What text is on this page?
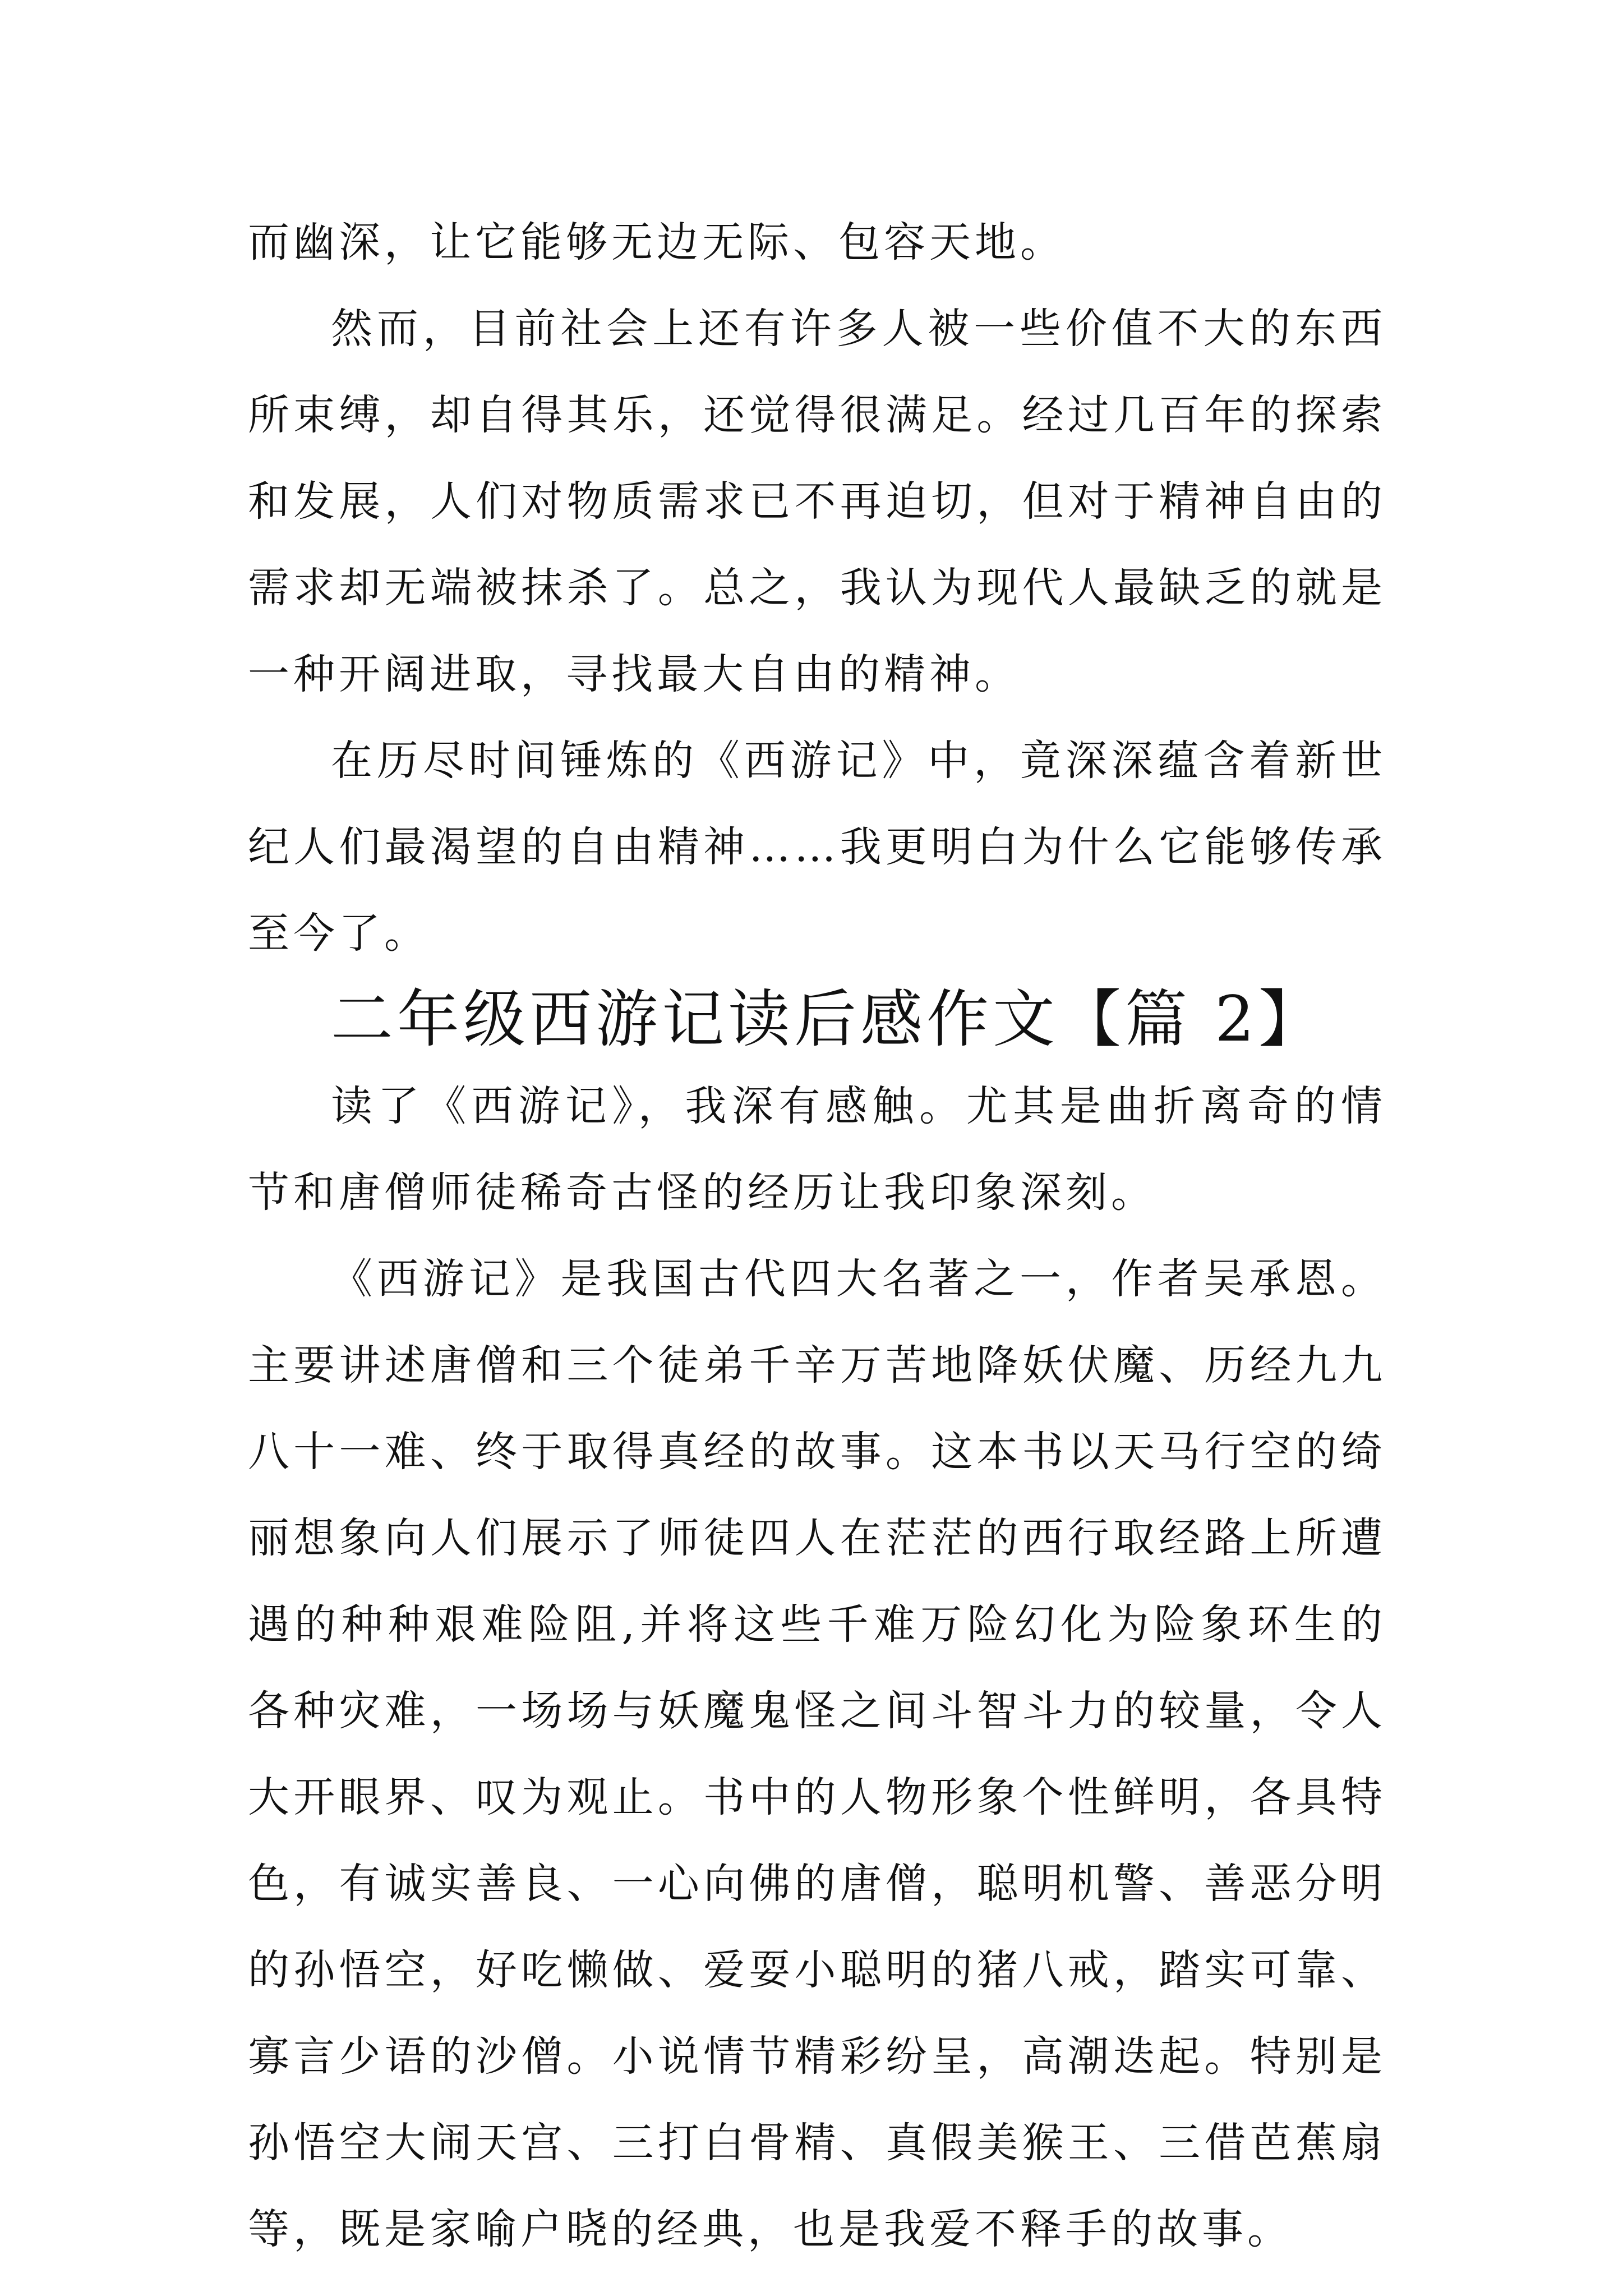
而幽深，让它能够无边无际、包容天地。

然而，目前社会上还有许多人被一些价值不大的东西所束缚，却自得其乐，还觉得很满足。经过几百年的探索和发展，人们对物质需求已不再迫切，但对于精神自由的需求却无端被抹杀了。总之，我认为现代人最缺乏的就是一种开阔进取，寻找最大自由的精神。

在历尽时间锤炼的《西游记》中，竟深深蕴含着新世纪人们最渴望的自由精神……我更明白为什么它能够传承至今了。

二年级西游记读后感作文【篇 2】

读了《西游记》，我深有感触。尤其是曲折离奇的情节和唐僧师徒稀奇古怪的经历让我印象深刻。

《西游记》是我国古代四大名著之一，作者吴承恩。主要讲述唐僧和三个徒弟千辛万苦地降妖伏魔、历经九九八十一难、终于取得真经的故事。这本书以天马行空的绮丽想象向人们展示了师徒四人在茫茫的西行取经路上所遭遇的种种艰难险阻,并将这些千难万险幻化为险象环生的各种灾难，一场场与妖魔鬼怪之间斗智斗力的较量，令人大开眼界、叹为观止。书中的人物形象个性鲜明，各具特色，有诚实善良、一心向佛的唐僧，聪明机警、善恶分明的孙悟空，好吃懒做、爱耍小聪明的猪八戒，踏实可靠、寡言少语的沙僧。小说情节精彩纷呈，高潮迭起。特别是孙悟空大闹天宫、三打白骨精、真假美猴王、三借芭蕉扇等，既是家喻户晓的经典，也是我爱不释手的故事。
